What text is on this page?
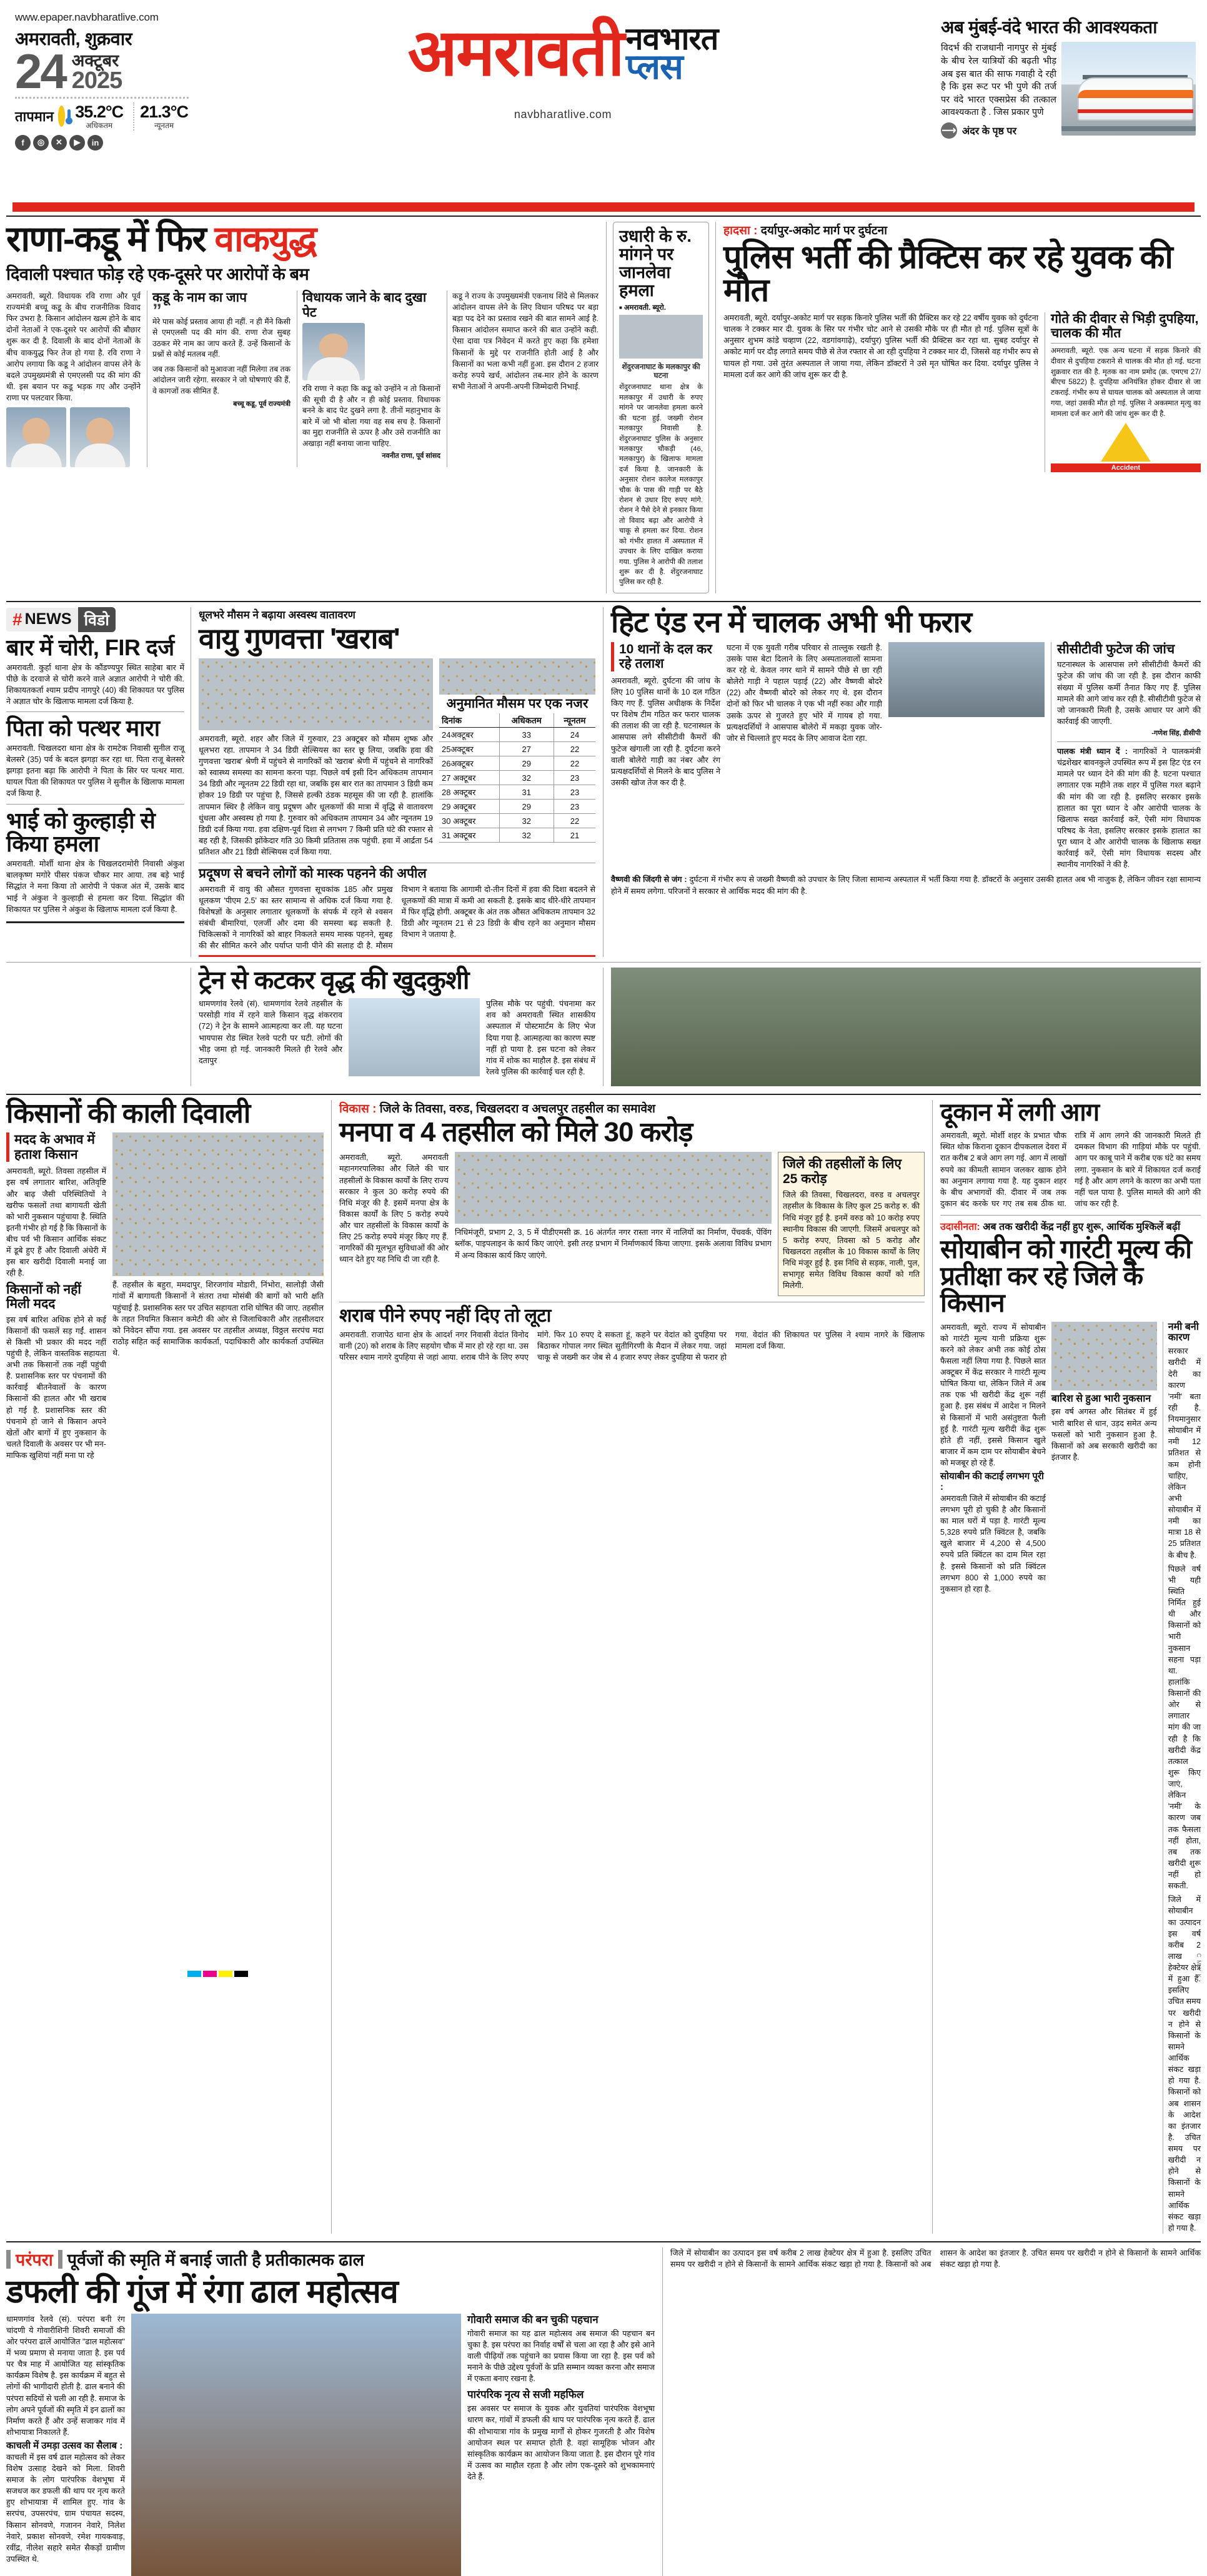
www.epaper.navbharatlive.com
अमरावती, शुक्रवार
24 अक्टूबर
2025
तापमान 35.2°C
अधिकतम
21.3°C
न्यूनतम
f	◎	✕	▶	in
अमरावती नवभारत
प्लस
navbharatlive.com
अब मुंबई-वंदे भारत की आवश्यकता
विदर्भ की राजधानी नागपुर से मुंबई के बीच रेल यात्रियों की बढ़ती भीड़ अब इस बात की साफ गवाही दे रही है कि इस रूट पर भी पुणे की तर्ज पर वंदे भारत एक्सप्रेस की तत्काल आवश्यकता है . जिस प्रकार पुणे
⟶ अंदर के पृष्ठ पर
राणा-कडू में फिर वाकयुद्ध
दिवाली पश्चात फोड़ रहे एक-दूसरे पर आरोपों के बम
अमरावती, ब्यूरो. विधायक रवि राणा और पूर्व राज्यमंत्री बच्चू कडू के बीच राजनीतिक विवाद फिर उभरा है. किसान आंदोलन खत्म होने के बाद दोनों नेताओं ने एक-दूसरे पर आरोपों की बौछार शुरू कर दी है. दिवाली के बाद दोनों नेताओं के बीच वाकयुद्ध फिर तेज हो गया है. रवि राणा ने आरोप लगाया कि कडू ने आंदोलन वापस लेने के बदले उपमुख्यमंत्री से एमएलसी पद की मांग की थी. इस बयान पर कडू भड़क गए और उन्होंने राणा पर पलटवार किया.
कडू के नाम का जाप
”
मेरे पास कोई प्रस्ताव आया ही नहीं. न ही मैंने किसी से एमएलसी पद की मांग की. राणा रोज सुबह उठकर मेरे नाम का जाप करते हैं. उन्हें किसानों के प्रश्नों से कोई मतलब नहीं.
जब तक किसानों को मुआवजा नहीं मिलेगा तब तक आंदोलन जारी रहेगा. सरकार ने जो घोषणाएं की हैं, वे कागजों तक सीमित हैं.
बच्चू कडू, पूर्व राज्यमंत्री
विधायक जाने के बाद दुखा पेट
रवि राणा ने कहा कि कडू को उन्होंने न तो किसानों की सूची दी है और न ही कोई प्रस्ताव. विधायक बनने के बाद पेट दुखने लगा है. तीनों महानुभाव के बारे में जो भी बोला गया वह सब सच है. किसानों का मुद्दा राजनीति से ऊपर है और उसे राजनीति का अखाड़ा नहीं बनाया जाना चाहिए.
नवनीत राणा, पूर्व सांसद
कडू ने राज्य के उपमुख्यमंत्री एकनाथ शिंदे से मिलकर आंदोलन वापस लेने के लिए विधान परिषद पर बड़ा बड़ा पद देने का प्रस्ताव रखने की बात सामने आई है. किसान आंदोलन समाप्त करने की बात उन्होंने कही. ऐसा दावा पत्र निवेदन में करते हुए कहा कि हमेशा किसानों के मुद्दे पर राजनीति होती आई है और किसानों का भला कभी नहीं हुआ. इस दौरान 2 हजार करोड़ रुपये खर्च, आंदोलन तब-मार होने के कारण सभी नेताओं ने अपनी-अपनी जिम्मेदारी निभाई.
उधारी के रु. मांगने पर जानलेवा हमला
■ अमरावती. ब्यूरो.
शेंदुरजनाघाट के मलकापुर की घटना
शेंदुरजनाघाट थाना क्षेत्र के मलकापुर में उधारी के रुपए मांगने पर जानलेवा हमला करने की घटना हुई. जख्मी रोशन मलकापुर निवासी है. शेंदुरजनाघाट पुलिस के अनुसार मलकापुर चौकड़ी (46, मलकापुर) के खिलाफ मामला दर्ज किया है. जानकारी के अनुसार रोशन कालेज मलकापुर चौक के पास की गाड़ी पर बैठे रोशन से उधार दिए रुपए मांगे. रोशन ने पैसे देने से इनकार किया तो विवाद बढ़ा और आरोपी ने चाकू से हमला कर दिया. रोशन को गंभीर हालत में अस्पताल में उपचार के लिए दाखिल कराया गया. पुलिस ने आरोपी की तलाश शुरू कर दी है. शेंदुरजनाघाट पुलिस कर रही है.
हादसा : दर्यापुर-अकोट मार्ग पर दुर्घटना
पुलिस भर्ती की प्रैक्टिस कर रहे युवक की मौत
अमरावती, ब्यूरो. दर्यापुर-अकोट मार्ग पर सड़क किनारे पुलिस भर्ती की प्रैक्टिस कर रहे 22 वर्षीय युवक को दुर्घटना चालक ने टक्कर मार दी. युवक के सिर पर गंभीर चोट आने से उसकी मौके पर ही मौत हो गई. पुलिस सूत्रों के अनुसार शुभम कांडे चव्हाण (22, वडगांवगाढ़े), दर्यापुर) पुलिस भर्ती की प्रैक्टिस कर रहा था. सुबह दर्यापुर से अकोट मार्ग पर दौड़ लगाते समय पीछे से तेज रफ्तार से आ रही दुपहिया ने टक्कर मार दी, जिससे वह गंभीर रूप से घायल हो गया. उसे तुरंत अस्पताल ले जाया गया, लेकिन डॉक्टरों ने उसे मृत घोषित कर दिया. दर्यापुर पुलिस ने मामला दर्ज कर आगे की जांच शुरू कर दी है.
गोते की दीवार से भिड़ी दुपहिया, चालक की मौत
अमरावती, ब्यूरो. एक अन्य घटना में सड़क किनारे की दीवार से दुपहिया टकराने से चालक की मौत हो गई. घटना शुक्रवार रात की है. मृतक का नाम प्रमोद (क्र. एमएच 27/बीएच 5822) है. दुपहिया अनियंत्रित होकर दीवार से जा टकराई. गंभीर रूप से घायल चालक को अस्पताल ले जाया गया, जहां उसकी मौत हो गई. पुलिस ने अकस्मात मृत्यु का मामला दर्ज कर आगे की जांच शुरू कर दी है.
Accident
# NEWS विडो
बार में चोरी, FIR दर्ज
अमरावती. कुर्हा थाना क्षेत्र के कौंडण्यपुर स्थित साहेबा बार में पीछे के दरवाजे से चोरी करने वाले अज्ञात आरोपी ने चोरी की. शिकायतकर्ता श्याम प्रदीप नागपुरे (40) की शिकायत पर पुलिस ने अज्ञात चोर के खिलाफ मामला दर्ज किया है.
पिता को पत्थर मारा
अमरावती. चिखलदरा थाना क्षेत्र के रामटेक निवासी सुनील राजू बेलसरे (35) पर्व के बदल झगड़ा कर रहा था. पिता राजू बेलसरे झगड़ा इतना बढ़ा कि आरोपी ने पिता के सिर पर पत्थर मारा. घायल पिता की शिकायत पर पुलिस ने सुनील के खिलाफ मामला दर्ज किया है.
भाई को कुल्हाड़ी से किया हमला
अमरावती. मोर्शी थाना क्षेत्र के चिखलदरामोरी निवासी अंकुश बालकृष्ण मगोरे पीसर पंकज चौकर मार आया. तब बड़े भाई सिद्धांत ने मना किया तो आरोपी ने पंकज अंत में, उसके बाद भाई ने अंकुश ने कुल्हाड़ी से हमला कर दिया. सिद्धांत की शिकायत पर पुलिस ने अंकुश के खिलाफ मामला दर्ज किया है.
धूलभरे मौसम ने बढ़ाया अस्वस्थ वातावरण
वायु गुणवत्ता 'खराब'
अमरावती, ब्यूरो. शहर और जिले में गुरुवार, 23 अक्टूबर को मौसम शुष्क और धूलभरा रहा. तापमान ने 34 डिग्री सेल्सियस का स्तर छू लिया, जबकि हवा की गुणवत्ता 'खराब' श्रेणी में पहुंचने से नागरिकों को 'खराब' श्रेणी में पहुंचने से नागरिकों को स्वास्थ्य समस्या का सामना करना पड़ा. पिछले वर्ष इसी दिन अधिकतम तापमान 34 डिग्री और न्यूनतम 22 डिग्री रहा था, जबकि इस बार रात का तापमान 3 डिग्री कम होकर 19 डिग्री पर पहुंचा है, जिससे हल्की ठंडक महसूस की जा रही है. हालांकि तापमान स्थिर है लेकिन वायु प्रदूषण और धूलकणों की मात्रा में वृद्धि से वातावरण धुंधला और अस्वस्थ हो गया है. गुरुवार को अधिकतम तापमान 34 और न्यूनतम 19 डिग्री दर्ज किया गया. हवा दक्षिण-पूर्व दिशा से लगभग 7 किमी प्रति घंटे की रफ्तार से बह रही है, जिसकी झोंकेदार गति 30 किमी प्रतितास तक पहुंची. हवा में आर्द्रता 54 प्रतिशत और 21 डिग्री सेल्सियस दर्ज किया गया.
अनुमानित मौसम पर एक नजर
दिनांक	अधिकतम	न्यूनतम
24अक्टूबर	33	24
25अक्टूबर	27	22
26अक्टूबर	29	22
27 अक्टूबर	32	23
28 अक्टूबर	31	23
29 अक्टूबर	29	23
30 अक्टूबर	32	22
31 अक्टूबर	32	21
प्रदूषण से बचने लोगों को मास्क पहनने की अपील
अमरावती में वायु की औसत गुणवत्ता सूचकांक 185 और प्रमुख धूलकण 'पीएम 2.5' का स्तर सामान्य से अधिक दर्ज किया गया है. विशेषज्ञों के अनुसार लगातार धूलकणों के संपर्क में रहने से श्वसन संबंधी बीमारियां, एलर्जी और दमा की समस्या बढ़ सकती है. चिकित्सकों ने नागरिकों को बाहर निकलते समय मास्क पहनने, सुबह की सैर सीमित करने और पर्याप्त पानी पीने की सलाह दी है. मौसम विभाग ने बताया कि आगामी दो-तीन दिनों में हवा की दिशा बदलने से धूलकणों की मात्रा में कमी आ सकती है. इसके बाद धीरे-धीरे तापमान में फिर वृद्धि होगी. अक्टूबर के अंत तक औसत अधिकतम तापमान 32 डिग्री और न्यूनतम 21 से 23 डिग्री के बीच रहने का अनुमान मौसम विभाग ने जताया है.
हिट एंड रन में चालक अभी भी फरार
10 थानों के दल कर रहे तलाश
अमरावती, ब्यूरो. दुर्घटना की जांच के लिए 10 पुलिस थानों के 10 दल गठित किए गए हैं. पुलिस अधीक्षक के निर्देश पर विशेष टीम गठित कर फरार चालक की तलाश की जा रही है. घटनास्थल के आसपास लगे सीसीटीवी कैमरों की फुटेज खंगाली जा रही है. दुर्घटना करने वाली बोलेरो गाड़ी का नंबर और रंग प्रत्यक्षदर्शियों से मिलने के बाद पुलिस ने उसकी खोज तेज कर दी है.
घटना में एक युवती गरीब परिवार से ताल्लुक रखती है. उसके पास बेटा दिलाने के लिए अस्पतालवालों सामना कर रहे थे. केवल नगर थाने में सामने पीछे से छा रही बोलेरो गाड़ी ने पहाल पड़ाई (22) और वैष्णवी बोदरे (22) और वैष्णवी बोदरे को लेकर गए थे. इस दौरान दोनों को फिर भी चालक ने एक भी नहीं रुका और गाड़ी उसके ऊपर से गुजरते हुए भोरे में गायब हो गया. प्रत्यक्षदर्शियों ने आसपास बोलेरो में मकड़ा युवक जोर-जोर से चिल्लाते हुए मदद के लिए आवाज देता रहा.
सीसीटीवी फुटेज की जांच
घटनास्थल के आसपास लगे सीसीटीवी कैमरों की फुटेज की जांच की जा रही है. इस दौरान काफी संख्या में पुलिस कर्मी तैनात किए गए हैं. पुलिस मामले की आगे जांच कर रही है. सीसीटीवी फुटेज से जो जानकारी मिली है, उसके आधार पर आगे की कार्रवाई की जाएगी.
-गणेश सिंह, डीसीपी
पालक मंत्री ध्यान दें : नागरिकों ने पालकमंत्री चंद्रशेखर बावनकुले उपस्थित रूप में इस हिट एंड रन मामले पर ध्यान देने की मांग की है. घटना पश्चात लगातार एक महीने तक शहर में पुलिस गश्त बढ़ाने की मांग की जा रही है. इसलिए सरकार इसके हालात का पूरा ध्यान दे और आरोपी चालक के खिलाफ सख्त कार्रवाई करें, ऐसी मांग विधायक परिषद के नेता, इसलिए सरकार इसके हालात का पूरा ध्यान दे और आरोपी चालक के खिलाफ सख्त कार्रवाई करें, ऐसी मांग विधायक सदस्य और स्थानीय नागरिकों ने की है.
वैष्णवी की जिंदगी से जंग : दुर्घटना में गंभीर रूप से जख्मी वैष्णवी को उपचार के लिए जिला सामान्य अस्पताल में भर्ती किया गया है. डॉक्टरों के अनुसार उसकी हालत अब भी नाजुक है, लेकिन जीवन रक्षा सामान्य होने में समय लगेगा. परिजनों ने सरकार से आर्थिक मदद की मांग की है.
ट्रेन से कटकर वृद्ध की खुदकुशी
धामणगांव रेलवे (सं). धामणगांव रेलवे तहसील के परसोड़ी गांव में रहने वाले किसान वृद्ध शंकरराव (72) ने ट्रेन के सामने आत्महत्या कर ली. यह घटना भायपास रोड स्थित रेलवे पटरी पर घटी. लोगों की भीड़ जमा हो गई. जानकारी मिलते ही रेलवे और दतापुर
पुलिस मौके पर पहुंची. पंचनामा कर शव को अमरावती स्थित शासकीय अस्पताल में पोस्टमार्टम के लिए भेज दिया गया है. आत्महत्या का कारण स्पष्ट नहीं हो पाया है. इस घटना को लेकर गांव में शोक का माहौल है. इस संबंध में रेलवे पुलिस की कार्रवाई चल रही है.
किसानों की काली दिवाली
मदद के अभाव में हताश किसान
अमरावती, ब्यूरो. तिवसा तहसील में इस वर्ष लगातार बारिश, अतिवृष्टि और बाढ़ जैसी परिस्थितियों ने खरीफ फसलों तथा बागायती खेती को भारी नुकसान पहुंचाया है. स्थिति इतनी गंभीर हो गई है कि किसानों के बीच पर्व भी किसान आर्थिक संकट में डूबे हुए हैं और दिवाली अंधेरी में इस बार खरीदी दिवाली मनाई जा रही है.
किसानों को नहीं मिली मदद
इस वर्ष बारिश अधिक होने से कई किसानों की फसलें सड़ गईं. शासन से किसी भी प्रकार की मदद नहीं पहुंची है, लेकिन वास्तविक सहायता अभी तक किसानों तक नहीं पहुंची है. प्रशासनिक स्तर पर पंचनामों की कार्रवाई बीतनेवालों के कारण किसानों की हालत और भी खराब हो गई है. प्रशासनिक स्तर की पंचनामे हो जाने से किसान अपने खेतों और बागों में हुए नुकसान के चलते दिवाली के अवसर पर भी मन-माफिक खुशियां नहीं मना पा रहे
हैं. तहसील के बहुरा, ममदापुर, शिरजगांव मोडारी, निंभोरा, सालोड़ी जैसी गांवों में बागायती किसानों ने संतरा तथा मोसंबी की बागों को भारी क्षति पहुंचाई है. प्रशासनिक स्तर पर उचित सहायता राशि घोषित की जाए. तहसील के तहत नियमित किसान कमेटी की ओर से जिलाधिकारी और तहसीलदार को निवेदन सौंपा गया. इस अवसर पर तहसील अध्यक्ष, विठ्ठल सरपंच मदा राठोड़ सहित कई सामाजिक कार्यकर्ता, पदाधिकारी और कार्यकर्ता उपस्थित थे.
विकास : जिले के तिवसा, वरुड, चिखलदरा व अचलपुर तहसील का समावेश
मनपा व 4 तहसील को मिले 30 करोड़
अमरावती, ब्यूरो. अमरावती महानगरपालिका और जिले की चार तहसीलों के विकास कार्यों के लिए राज्य सरकार ने कुल 30 करोड़ रुपये की निधि मंजूर की है. इसमें मनपा क्षेत्र के विकास कार्यों के लिए 5 करोड़ रुपये और चार तहसीलों के विकास कार्यों के लिए 25 करोड़ रुपये मंजूर किए गए हैं. नागरिकों की मूलभूत सुविधाओं की ओर ध्यान देते हुए यह निधि दी जा रही है.
निधिमंजूरी, प्रभाग 2, 3, 5 में पीडीएमसी क्र. 16 अंतर्गत नगर रास्ता नगर में नालियों का निर्माण, पेंचवर्क, पेंविंग ब्लॉक, पाइपलाइन के कार्य किए जाएंगे. इसी तरह प्रभाग में निर्माणकार्य किया जाएगा. इसके अलावा विविध प्रभाग में अन्य विकास कार्य किए जाएंगे.
जिले की तहसीलों के लिए 25 करोड़
जिले की तिवसा, चिखलदरा, वरुड व अचलपुर तहसील के विकास के लिए कुल 25 करोड़ रु. की निधि मंजूर हुई है. इनमें वरुड को 10 करोड़ रुपए स्थानीय विकास की जाएगी. जिसमें अचलपुर को 5 करोड़ रुपए, तिवसा को 5 करोड़ और चिखलदरा तहसील के 10 विकास कार्यों के लिए निधि मंजूर हुई है. इस निधि से सड़क, नाली, पुल, सभागृह समेत विविध विकास कार्यों को गति मिलेगी.
शराब पीने रुपए नहीं दिए तो लूटा
अमरावती. राजापेठ थाना क्षेत्र के आदर्श नगर निवासी वेदांत विनोद वानी (20) को शराब के लिए सहयोग चौक में मार हो रहे रहा था. उस परिसर श्याम नागरे दुपहिया से जहां आया. शराब पीने के लिए रुपए मांगे. फिर 10 रुपए दे सकता हूं, कहने पर वेदांत को दुपहिया पर बिठाकर गोपाल नगर स्थित सुतीगिरणी के मैदान में लेकर गया. जहां चाकू से जख्मी कर जेब से 4 हजार रुपए लेकर दुपहिया से फरार हो गया. वेदांत की शिकायत पर पुलिस ने श्याम नागरे के खिलाफ मामला दर्ज किया.
दूकान में लगी आग
अमरावती, ब्यूरो. मोर्शी शहर के प्रभात चौक स्थित थोक किराना दूकान दीपकलाल देवरा में रात करीब 2 बजे आग लग गई. आग में लाखों रुपये का कीमती सामान जलकर खाक होने का अनुमान लगाया गया है. यह दुकान शहर के बीच अभागवों की. दीवार में जब तक दुकान बंद करके घर गए तब सब ठीक था. रात्रि में आग लगने की जानकारी मिलते ही दमकल विभाग की गाड़ियां मौके पर पहुंची. आग पर काबू पाने में करीब एक घंटे का समय लगा. नुकसान के बारे में शिकायत दर्ज कराई गई है और आग लगने के कारण का अभी पता नहीं चल पाया है. पुलिस मामले की आगे की जांच कर रही है.
उदासीनता: अब तक खरीदी केंद्र नहीं हुए शुरू, आर्थिक मुश्किलें बढ़ीं
सोयाबीन को गारंटी मूल्य की प्रतीक्षा कर रहे जिले के किसान
अमरावती, ब्यूरो. राज्य में सोयाबीन को गारंटी मूल्य यानी प्रक्रिया शुरू करने को लेकर अभी तक कोई ठोस फैसला नहीं लिया गया है. पिछले सात अक्टूबर में केंद्र सरकार ने गारंटी मूल्य घोषित किया था, लेकिन जिले में अब तक एक भी खरीदी केंद्र शुरू नहीं हुआ है. इस संबंध में आदेश न मिलने से किसानों में भारी असंतुष्टता फैली हुई है. गारंटी मूल्य खरीदी केंद्र शुरू होते ही नहीं, इससे किसान खुले बाजार में कम दाम पर सोयाबीन बेचने को मजबूर हो रहे हैं.
सोयाबीन की कटाई लगभग पूरी :
अमरावती जिले में सोयाबीन की कटाई लगभग पूरी हो चुकी है और किसानों का माल घरों में पड़ा है. गारंटी मूल्य 5,328 रुपये प्रति क्विंटल है, जबकि खुले बाजार में 4,200 से 4,500 रुपये प्रति क्विंटल का दाम मिल रहा है. इससे किसानों को प्रति क्विंटल लगभग 800 से 1,000 रुपये का नुकसान हो रहा है.
बारिश से हुआ भारी नुकसान
इस वर्ष अगस्त और सितंबर में हुई भारी बारिश से धान, उड़द समेत अन्य फसलों को भारी नुकसान हुआ है. किसानों को अब सरकारी खरीदी का इंतजार है.
नमी बनी कारण
सरकार खरीदी में देरी का कारण 'नमी' बता रही है. नियमानुसार सोयाबीन में नमी 12 प्रतिशत से कम होनी चाहिए, लेकिन अभी सोयाबीन में नमी का मात्रा 18 से 25 प्रतिशत के बीच है.
पिछले वर्ष भी यही स्थिति निर्मित हुई थी और किसानों को भारी नुकसान सहना पड़ा था. हालांकि किसानों की ओर से लगातार मांग की जा रही है कि खरीदी केंद्र तत्काल शुरू किए जाएं, लेकिन 'नमी' के कारण जब तक फैसला नहीं होता, तब तक खरीदी शुरू नहीं हो सकती.
जिले में सोयाबीन का उत्पादन इस वर्ष करीब 2 लाख हेक्टेयर क्षेत्र में हुआ है. इसलिए उचित समय पर खरीदी न होने से किसानों के सामने आर्थिक संकट खड़ा हो गया है. किसानों को अब शासन के आदेश का इंतजार है. उचित समय पर खरीदी न होने से किसानों के सामने आर्थिक संकट खड़ा हो गया है.
परंपरा पूर्वजों की स्मृति में बनाई जाती है प्रतीकात्मक ढाल
डफली की गूंज में रंगा ढाल महोत्सव
धामणगांव रेलवे (सं). परंपरा बनी रंग चांदणी ये गोवारीशिनी शिवरी समाजों की ओर परंपरा ढालें आयोजित "ढाल महोत्सव" में भव्य प्रमाण से मनाया जाता है. इस पर्व पर चैत्र माह में आयोजित यह सांस्कृतिक कार्यक्रम विशेष है. इस कार्यक्रम में बहुत से लोगों की भागीदारी होती है. ढाल बनाने की परंपरा सदियों से चली आ रही है. समाज के लोग अपने पूर्वजों की स्मृति में इन ढालों का निर्माण करते हैं और उन्हें सजाकर गांव में शोभायात्रा निकालते हैं.
काचली में उमड़ा उत्सव का सैलाब :
काचली में इस वर्ष ढाल महोत्सव को लेकर विशेष उत्साह देखने को मिला. शिवरी समाज के लोग पारंपरिक वेशभूषा में सजधज कर डफली की थाप पर नृत्य करते हुए शोभायात्रा में शामिल हुए. गांव के सरपंच, उपसरपंच, ग्राम पंचायत सदस्य, किसान सोनवणे, गजानन नेवारे, निलेश नेवारे, प्रकाश सोनवणे, रमेश गायकवाड़, रवींद्र, नीलेश सहारे समेत सैकड़ों ग्रामीण उपस्थित थे.
गोवारी समाज की बन चुकी पहचान
गोवारी समाज का यह ढाल महोत्सव अब समाज की पहचान बन चुका है. इस परंपरा का निर्वाह वर्षों से चला आ रहा है और इसे आने वाली पीढ़ियों तक पहुंचाने का प्रयास किया जा रहा है. इस पर्व को मनाने के पीछे उद्देश्य पूर्वजों के प्रति सम्मान व्यक्त करना और समाज में एकता बनाए रखना है.
पारंपरिक नृत्य से सजी महफिल
इस अवसर पर समाज के युवक और युवतियां पारंपरिक वेशभूषा धारण कर, गांवों में डफली की थाप पर पारंपरिक नृत्य करते हैं. ढाल की शोभायात्रा गांव के प्रमुख मार्गों से होकर गुजरती है और विशेष आयोजन स्थल पर समाप्त होती है. वहां सामूहिक भोजन और सांस्कृतिक कार्यक्रम का आयोजन किया जाता है. इस दौरान पूरे गांव में उत्सव का माहौल रहता है और लोग एक-दूसरे को शुभकामनाएं देते हैं.
जिले में सोयाबीन का उत्पादन इस वर्ष करीब 2 लाख हेक्टेयर क्षेत्र में हुआ है. इसलिए उचित समय पर खरीदी न होने से किसानों के सामने आर्थिक संकट खड़ा हो गया है. किसानों को अब शासन के आदेश का इंतजार है. उचित समय पर खरीदी न होने से किसानों के सामने आर्थिक संकट खड़ा हो गया है.
C M Y K
